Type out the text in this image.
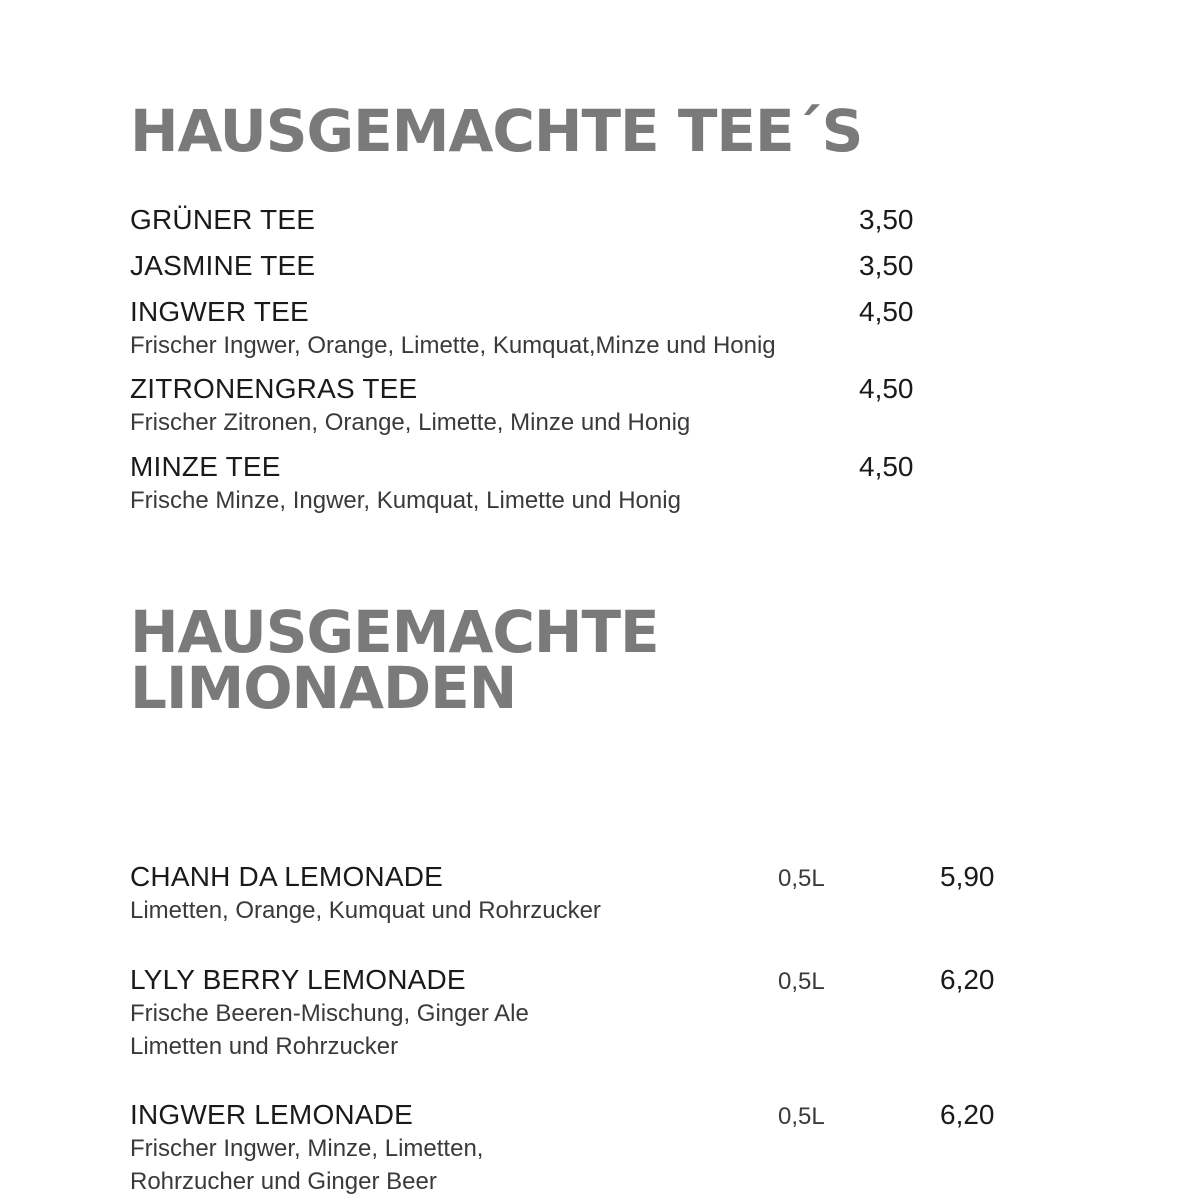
HAUSGEMACHTE TEE´S
GRÜNER TEE	3,50
JASMINE TEE	3,50
INGWER TEE	4,50
Frischer Ingwer, Orange, Limette, Kumquat,Minze und Honig
ZITRONENGRAS TEE	4,50
Frischer Zitronen, Orange, Limette, Minze und Honig
MINZE TEE	4,50
Frische Minze, Ingwer, Kumquat, Limette und Honig
HAUSGEMACHTE
LIMONADEN
CHANH DA LEMONADE	0,5L	5,90
Limetten, Orange, Kumquat und Rohrzucker
LYLY BERRY LEMONADE	0,5L	6,20
Frische Beeren-Mischung, Ginger Ale
Limetten und Rohrzucker
INGWER LEMONADE	0,5L	6,20
Frischer Ingwer, Minze, Limetten,
Rohrzucher und Ginger Beer
